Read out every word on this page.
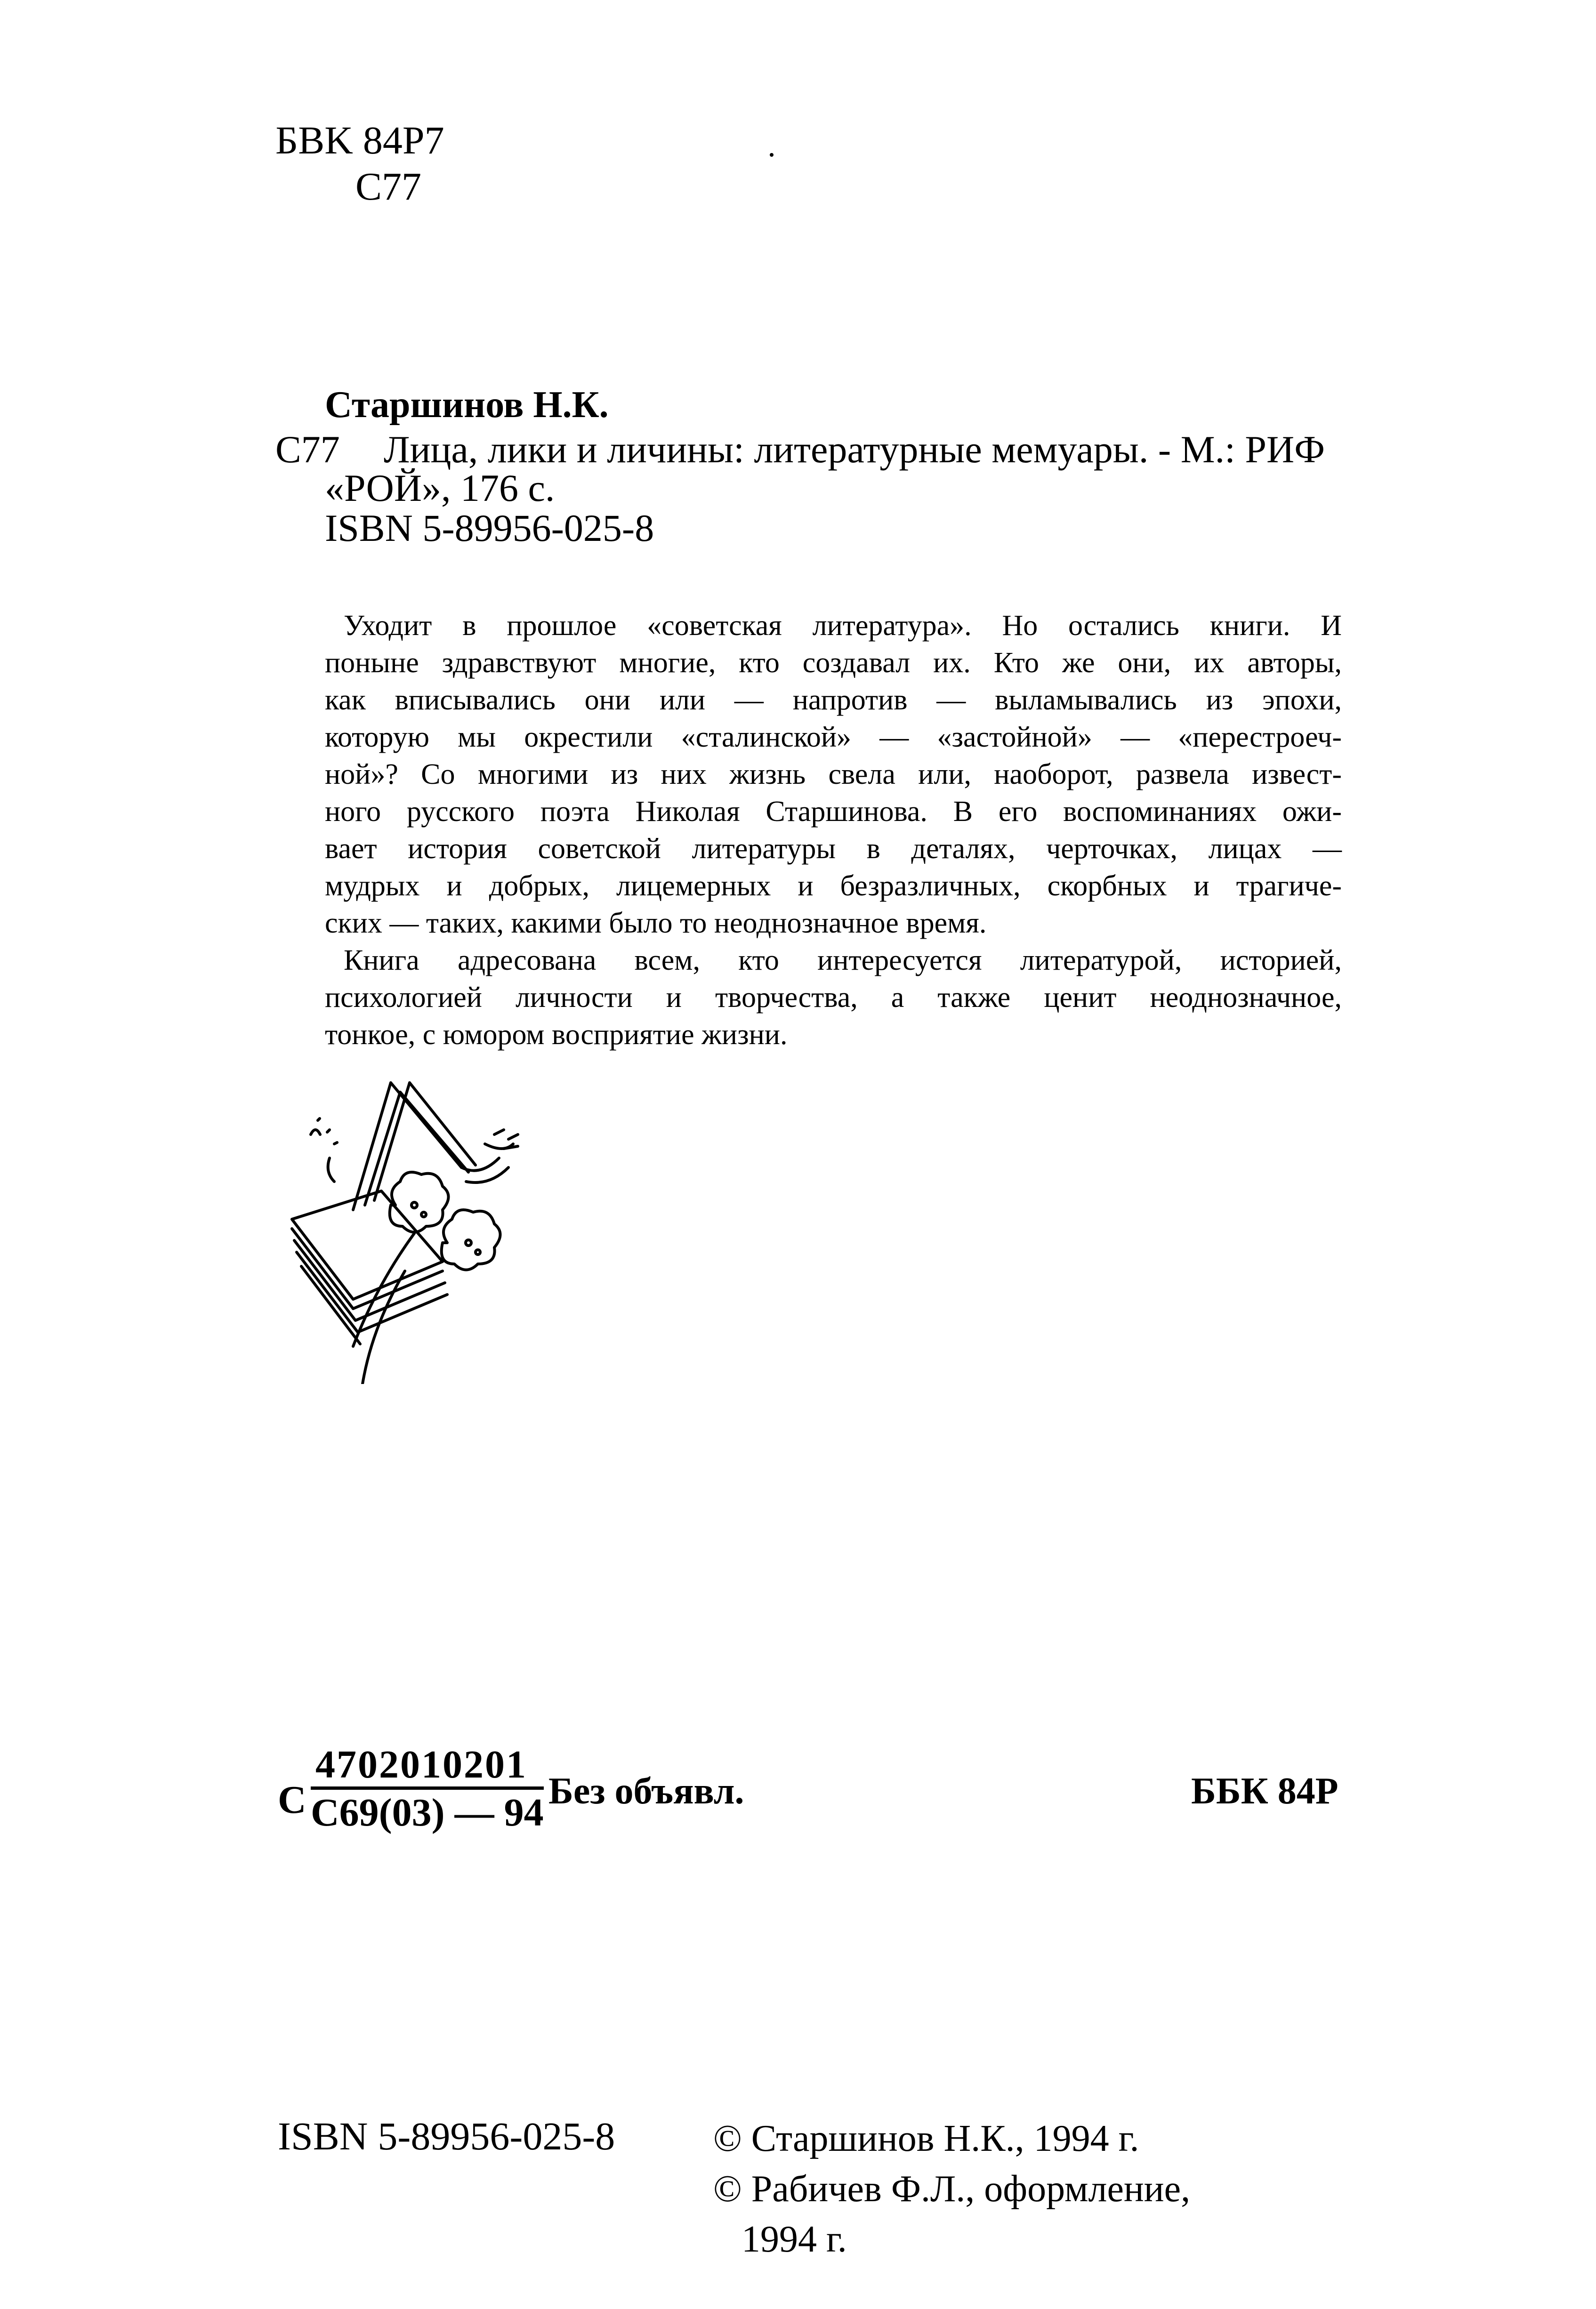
БBK 84P7
C77
Старшинов Н.К.
C77 Лица, лики и личины: литературные мемуары. - М.: РИФ
«РОЙ», 176 с.
ISBN 5-89956-025-8

Уходит в прошлое «советская литература». Но остались книги. И

поныне здравствуют многие, кто создавал их. Кто же они, их авторы,

как вписывались они или — напротив — выламывались из эпохи,

которую мы окрестили «сталинской» — «застойной» — «перестроеч-

ной»? Со многими из них жизнь свела или, наоборот, развела извест-

ного русского поэта Николая Старшинова. В его воспоминаниях ожи-

вает история советской литературы в деталях, черточках, лицах —

мудрых и добрых, лицемерных и безразличных, скорбных и трагиче-

ских — таких, какими было то неоднозначное время.

Книга адресована всем, кто интересуется литературой, историей,

психологией личности и творчества, а также ценит неоднозначное,

тонкое, с юмором восприятие жизни.

C
4702010201
C69(03) — 94 Без объявл.	ББК 84P
ISBN 5-89956-025-8	© Старшинов Н.К., 1994 г.
© Рабичев Ф.Л., оформление,
1994 г.
